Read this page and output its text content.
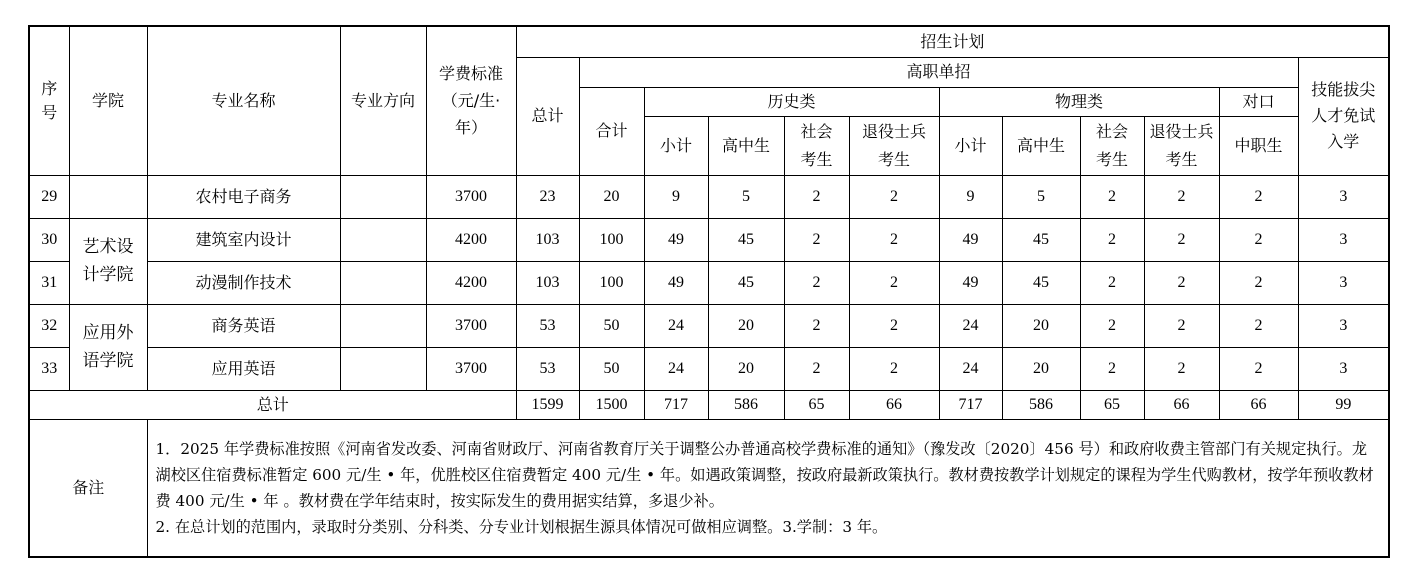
序号	学院	专业名称	专业方向	学费标准（元/生·年）	招生计划											
					总计	高职单招										技能拔尖人才免试入学

						合计	历史类				物理类				对口	
							小计	高中生	社会考生	退役士兵考生	小计	高中生	社会考生	退役士兵考生	中职生	
29		农村电子商务		3700	23	20	9	5	2	2	9	5	2	2	2	3
30	艺术设计学院	建筑室内设计		4200	103	100	49	45	2	2	49	45	2	2	2	3
31		动漫制作技术		4200	103	100	49	45	2	2	49	45	2	2	2	3
32	应用外语学院	商务英语		3700	53	50	24	20	2	2	24	20	2	2	2	3
33		应用英语		3700	53	50	24	20	2	2	24	20	2	2	2	3
总计					1599	1500	717	586	65	66	717	586	65	66	66	99
备注		1．2025 年学费标准按照《河南省发改委、河南省财政厅、河南省教育厅关于调整公办普通高校学费标准的通知》（豫发改〔2020〕456 号）和政府收费主管部门有关规定执行。龙湖校区住宿费标准暂定 600 元/生 • 年，优胜校区住宿费暂定 400 元/生 • 年。如遇政策调整，按政府最新政策执行。教材费按教学计划规定的课程为学生代购教材，按学年预收教材费 400 元/生 • 年 。教材费在学年结束时，按实际发生的费用据实结算，多退少补。

2. 在总计划的范围内，录取时分类别、分科类、分专业计划根据生源具体情况可做相应调整。3.学制：3 年。														
